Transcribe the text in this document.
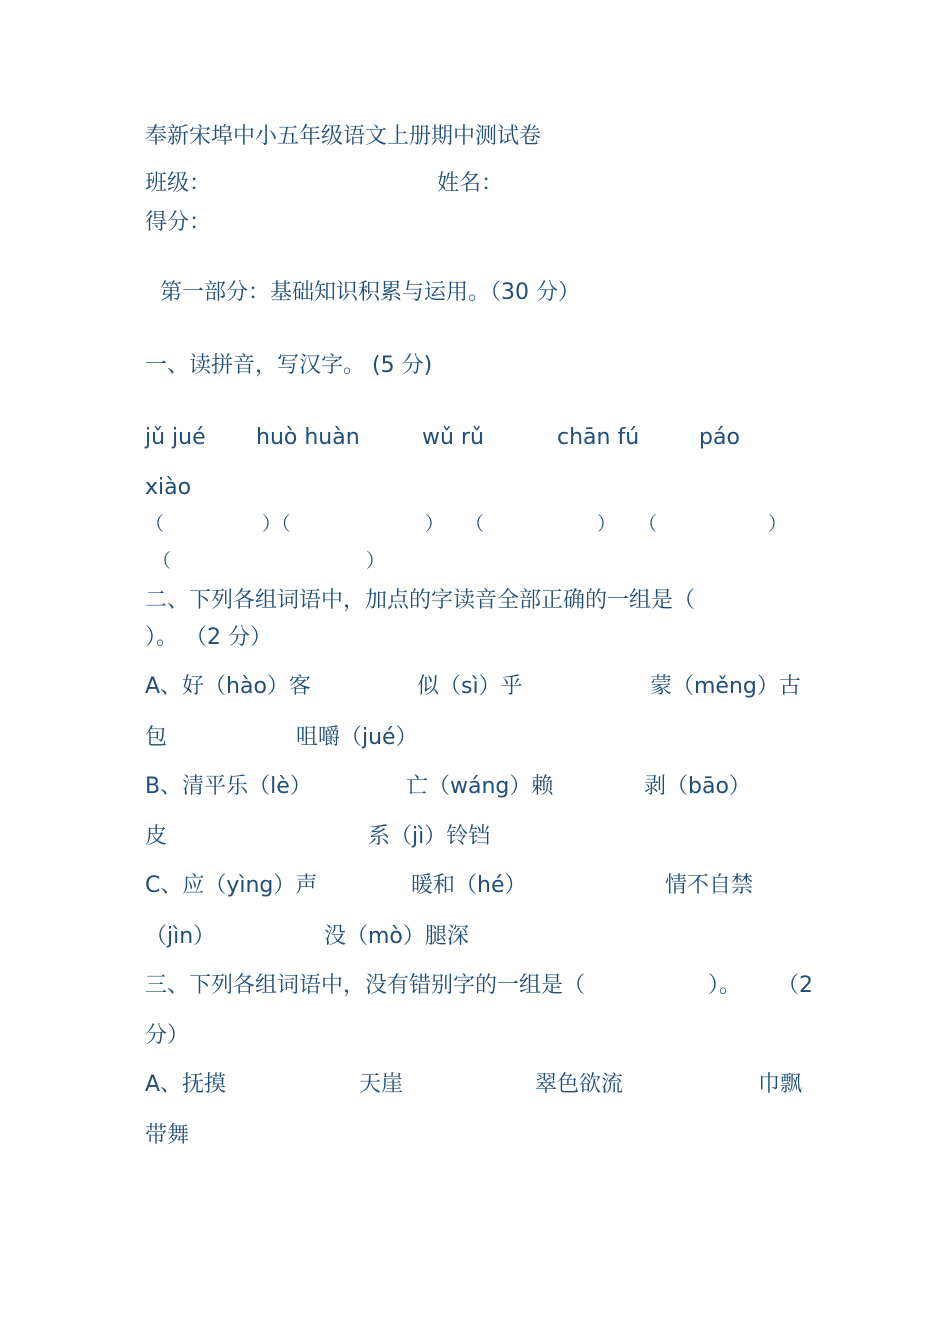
奉新宋埠中小五年级语文上册期中测试卷
班级：	姓名：
得分：
第一部分：基础知识积累与运用。（30 分）
一、读拼音，写汉字。 (5 分)
jǔ jué huò huàn	wǔ rǔ	chān fú	páo
xiào
（	）（	） （	） （	）
（	）
二、下列各组词语中，加点的字读音全部正确的一组是（
）。 （2 分）
A、好（hào）客	似（sì）乎	蒙（měng）古
包	咀嚼（jué）
B、清平乐（lè）	亡（wáng）赖	剥（bāo）
皮	系（jì）铃铛
C、应（yìng）声	暖和（hé）	情不自禁
（jìn）	没（mò）腿深
三、下列各组词语中，没有错别字的一组是（	）。 （2
分）
A、抚摸	天崖	翠色欲流	巾飘
带舞
